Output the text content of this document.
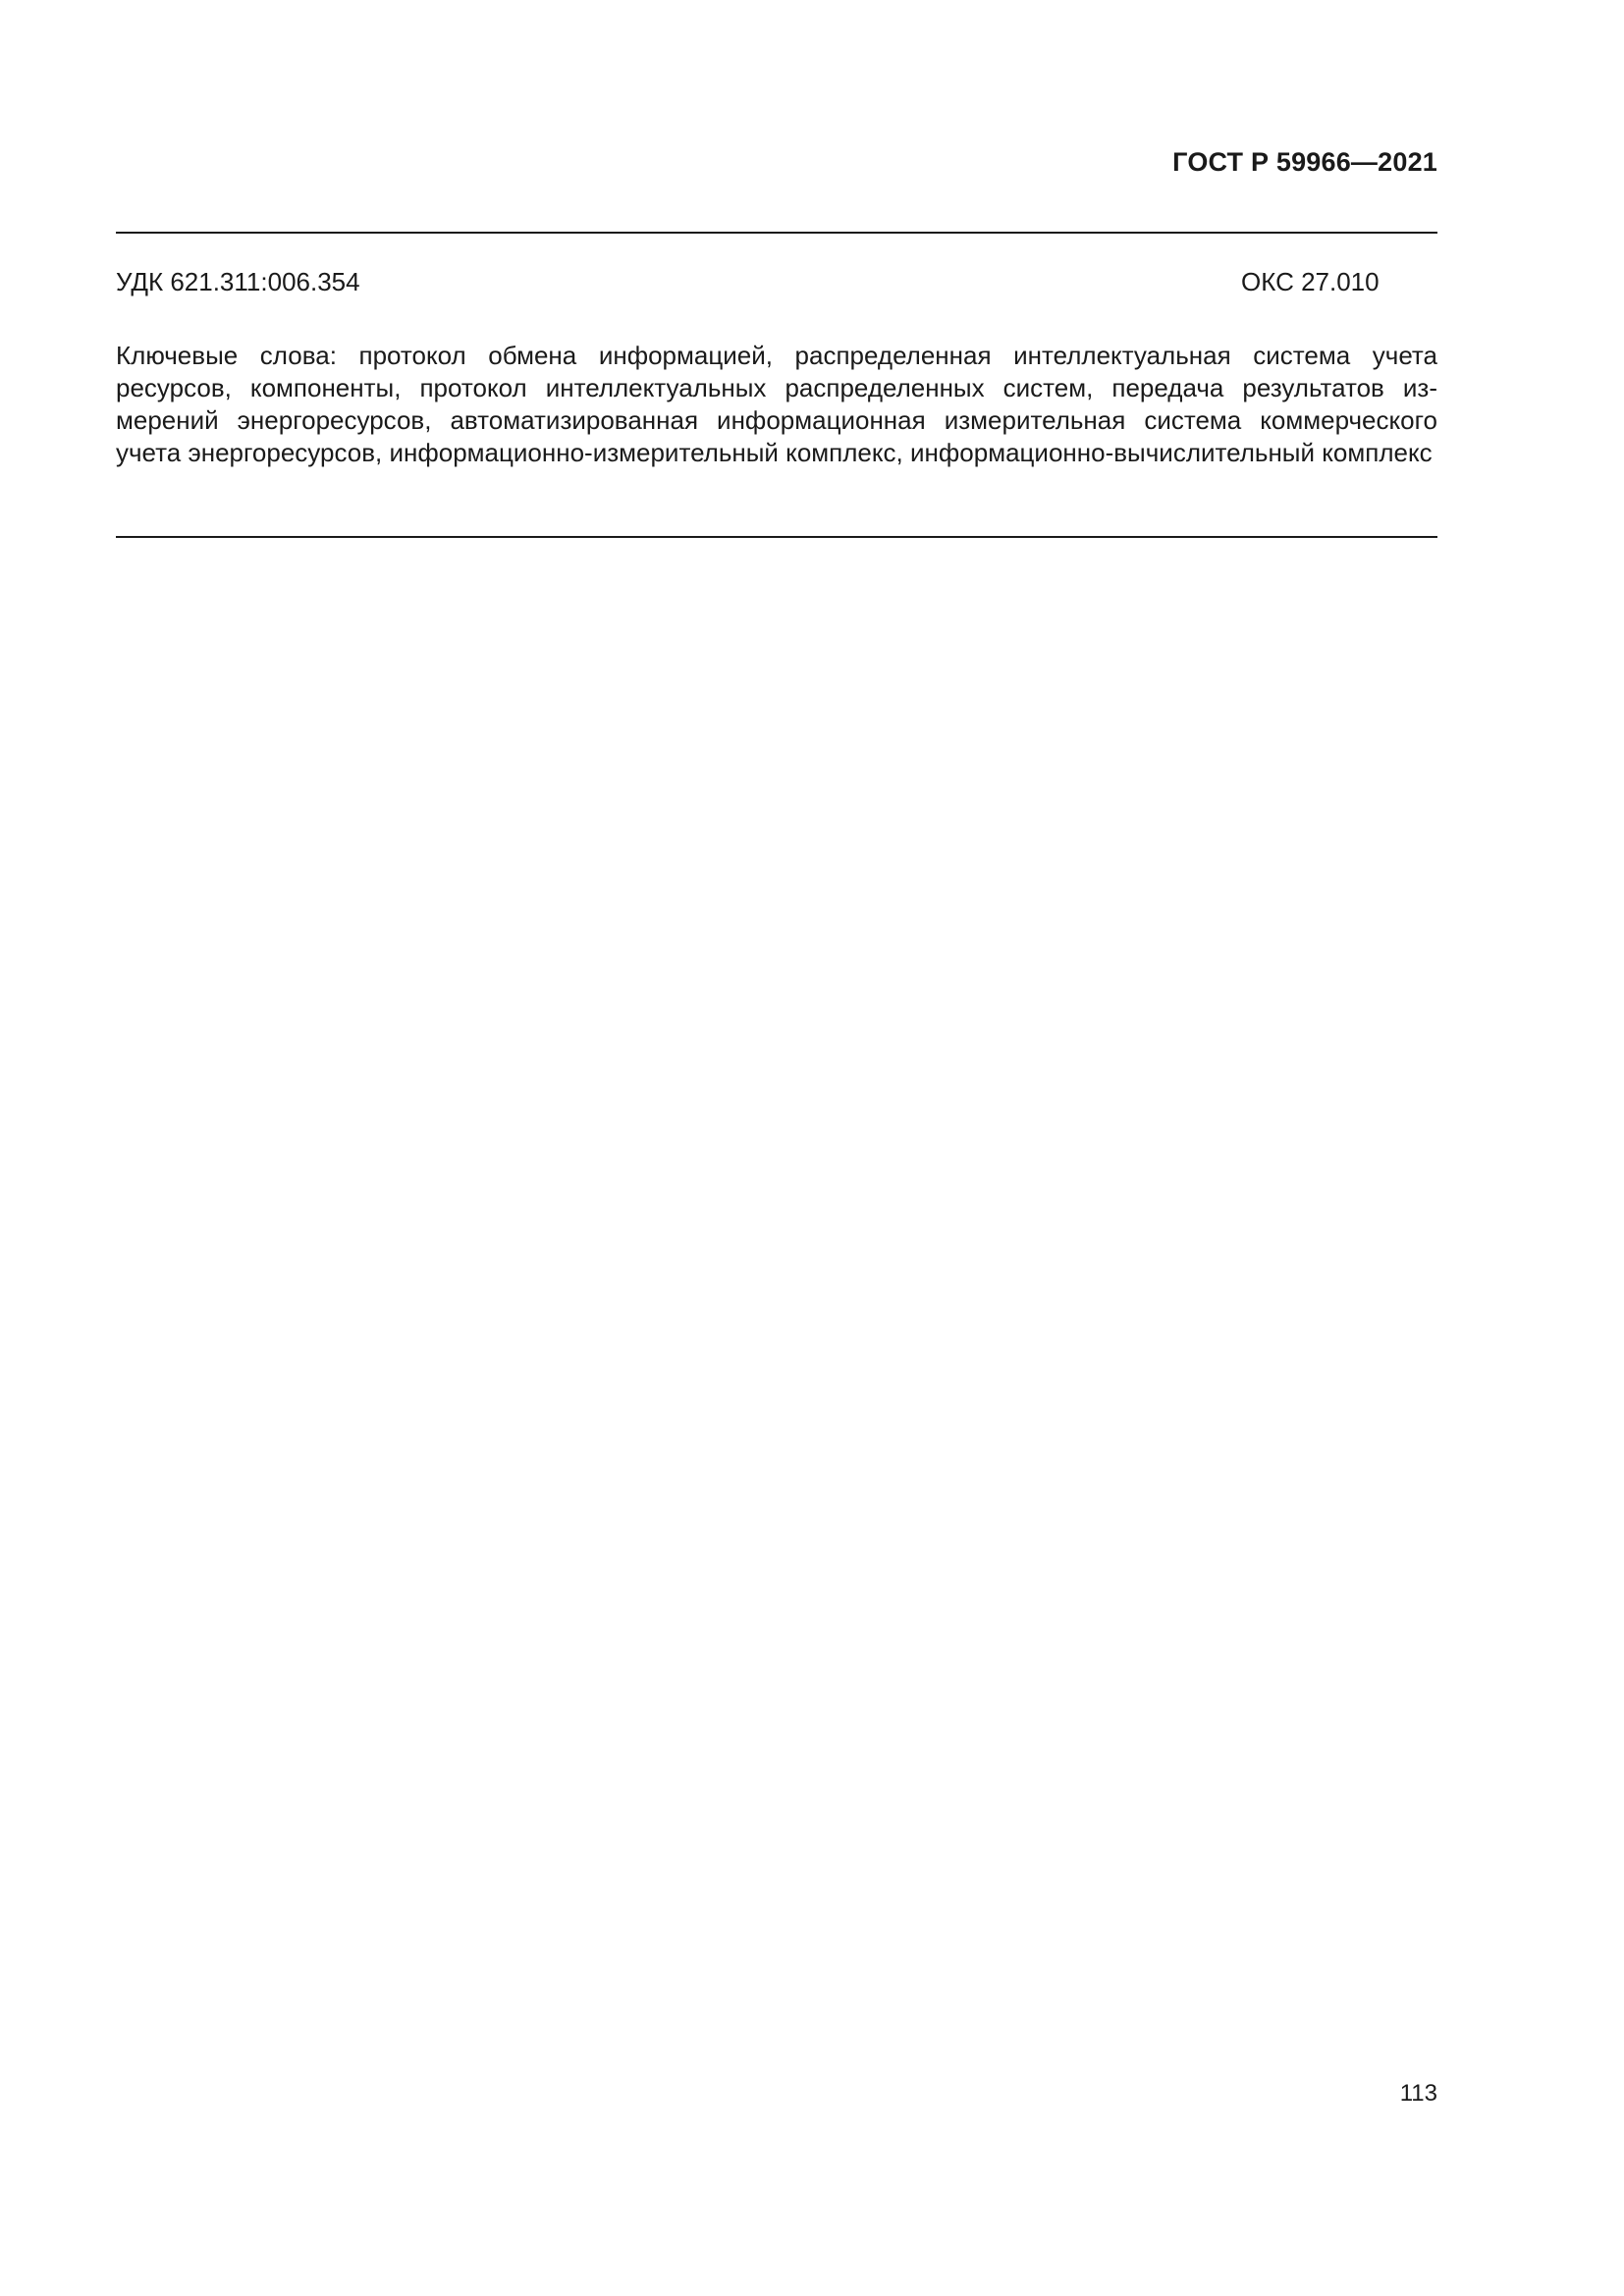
ГОСТ Р 59966—2021
УДК 621.311:006.354	ОКС 27.010
Ключевые слова: протокол обмена информацией, распределенная интеллектуальная система учета ресурсов, компоненты, протокол интеллектуальных распределенных систем, передача результатов измерений энергоресурсов, автоматизированная информационная измерительная система коммерческого учета энергоресурсов, информационно-измерительный комплекс, информационно-вычислительный комплекс
113
